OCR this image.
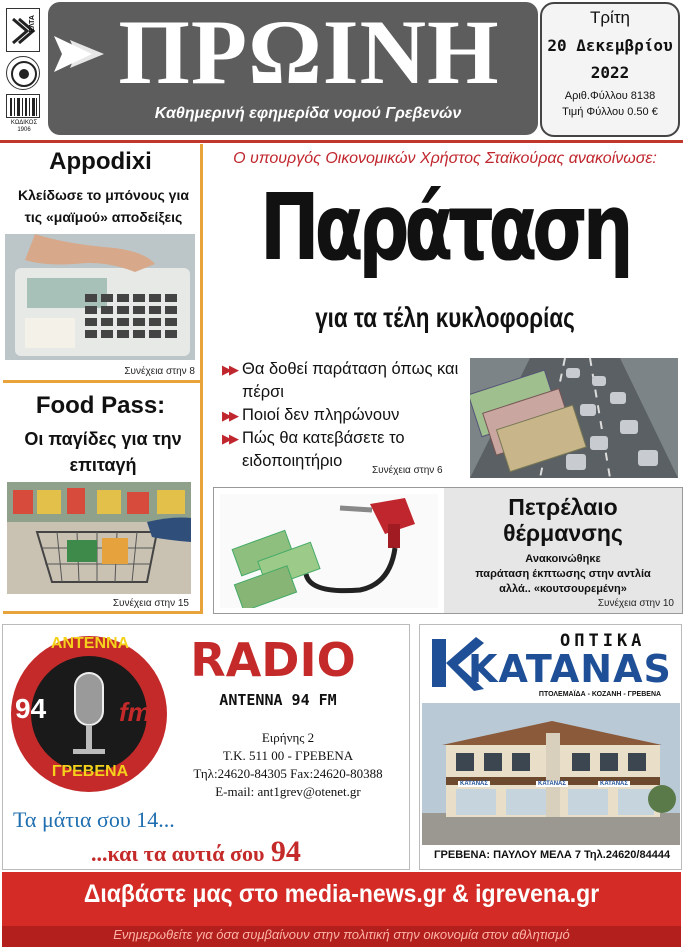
ΕΛΤΑ
ΚΩΔΙΚΟΣ
1906
ΠΡΩΙΝΗ
Καθημερινή εφημερίδα νομού Γρεβενών
Τρίτη
20 Δεκεμβρίου
2022
Αριθ.Φύλλου 8138
Τιμή Φύλλου 0.50 €
Appodixi
Κλείδωσε το μπόνους για τις «μαϊμού» αποδείξεις
Συνέχεια στην 8
Food Pass:
Οι παγίδες για την επιταγή
Συνέχεια στην 15
Ο υπουργός Οικονομικών Χρήστος Σταϊκούρας ανακοίνωσε:
Παράταση
για τα τέλη κυκλοφορίας
▶▶ Θα δοθεί παράταση όπως και πέρσι
▶▶ Ποιοί δεν πληρώνουν
▶▶ Πώς θα κατεβάσετε το ειδοποιητήριο
Συνέχεια στην 6
Πετρέλαιο
θέρμανσης
Ανακοινώθηκε
παράταση έκπτωσης στην αντλία
αλλά.. «κουτσουρεμένη»
Συνέχεια στην 10
ΑΝΤΕΝΝΑ
94	fm
ΓΡΕΒΕΝΑ
RADIO
ANTENNA 94 FM
Ειρήνης 2
Τ.Κ. 511 00 - ΓΡΕΒΕΝΑ
Τηλ:24620-84305 Fax:24620-80388
E-mail: ant1grev@otenet.gr
Τα μάτια σου 14...
...και τα αυτιά σου 94
ΟΠΤΙΚΑ
KATANAS
ΠΤΟΛΕΜΑΪΔΑ - ΚΟΖΑΝΗ - ΓΡΕΒΕΝΑ
ΚΑΤΑΝΑΣ	ΚΑΤΑΝΑΣ	ΚΑΤΑΝΑΣ
ΓΡΕΒΕΝΑ: ΠΑΥΛΟΥ ΜΕΛΑ 7 Τηλ.24620/84444
Διαβάστε μας στο media-news.gr & igrevena.gr
Ενημερωθείτε για όσα συμβαίνουν στην πολιτική στην οικονομία στον αθλητισμό
